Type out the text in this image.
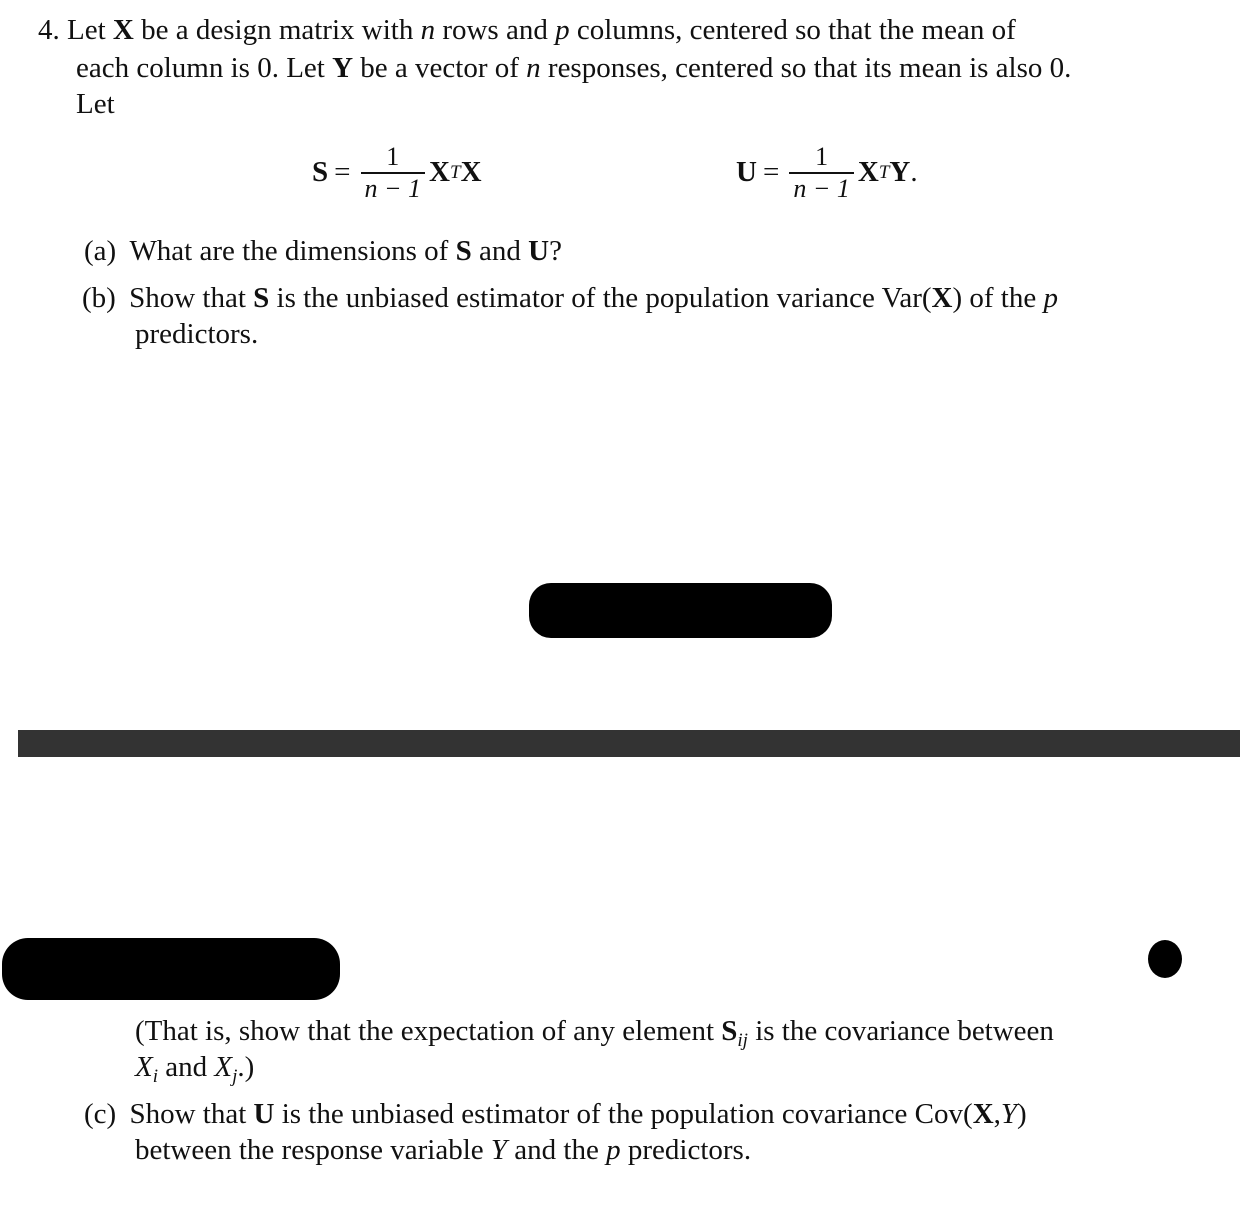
4. Let X be a design matrix with n rows and p columns, centered so that the mean of
each column is 0. Let Y be a vector of n responses, centered so that its mean is also 0.
Let
$S = \frac{1}{n - 1}$ X T X	$U = \frac{1}{n - 1}$ X T Y .
(a) What are the dimensions of S and U?
(b) Show that S is the unbiased estimator of the population variance Var(X) of the p
predictors.
(That is, show that the expectation of any element $S_{ij}$ is the covariance between
$X_i$ and $X_j$.)
(c) Show that U is the unbiased estimator of the population covariance Cov(X,Y)
between the response variable Y and the p predictors.
